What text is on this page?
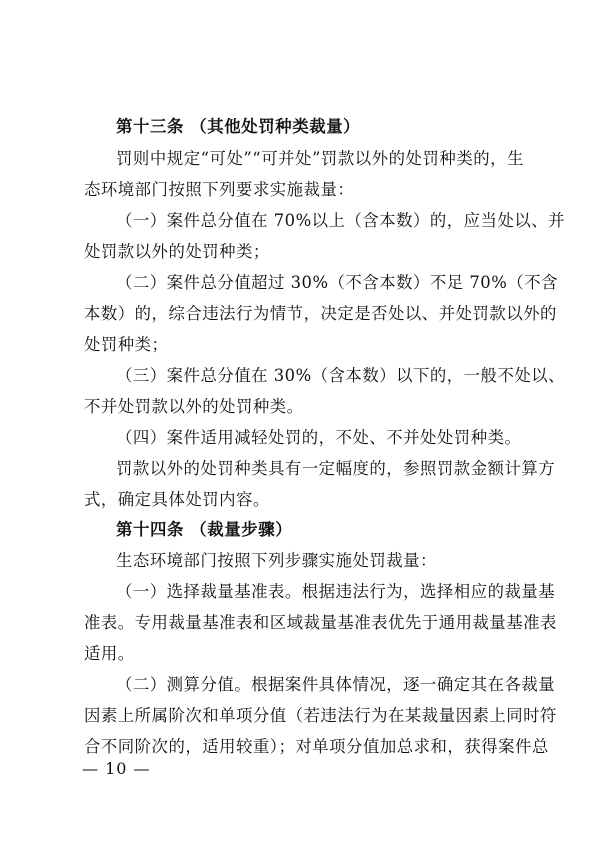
第十三条 （其他处罚种类裁量）
罚则中规定“可处”“可并处”罚款以外的处罚种类的，生
态环境部门按照下列要求实施裁量：
（一）案件总分值在 70%以上（含本数）的，应当处以、并
处罚款以外的处罚种类；
（二）案件总分值超过 30%（不含本数）不足 70%（不含
本数）的，综合违法行为情节，决定是否处以、并处罚款以外的
处罚种类；
（三）案件总分值在 30%（含本数）以下的，一般不处以、
不并处罚款以外的处罚种类。
（四）案件适用减轻处罚的，不处、不并处处罚种类。
罚款以外的处罚种类具有一定幅度的，参照罚款金额计算方
式，确定具体处罚内容。
第十四条 （裁量步骤）
生态环境部门按照下列步骤实施处罚裁量：
（一）选择裁量基准表。根据违法行为，选择相应的裁量基
准表。专用裁量基准表和区域裁量基准表优先于通用裁量基准表
适用。
（二）测算分值。根据案件具体情况，逐一确定其在各裁量
因素上所属阶次和单项分值（若违法行为在某裁量因素上同时符
合不同阶次的，适用较重）；对单项分值加总求和，获得案件总
— 10 —
